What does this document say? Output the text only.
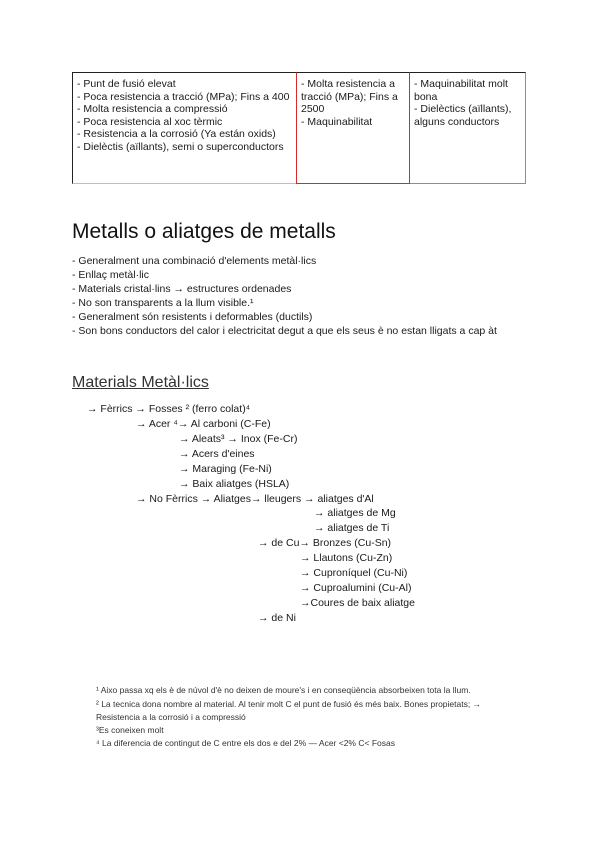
- Punt de fusió elevat
- Poca resistencia a tracció (MPa); Fins a 400
- Molta resistencia a compressió
- Poca resistencia al xoc tèrmic
- Resistencia a la corrosió (Ya están oxids)
- Dielèctis (aïllants), semi o superconductors
- Molta resistencia a tracció (MPa); Fins a 2500
- Maquinabilitat
- Maquinabilitat molt bona
- Dielèctics (aïllants), alguns conductors
Metalls o aliatges de metalls
- Generalment una combinació d'elements metàl·lics
- Enllaç metàl·lic
- Materials cristal·lins → estructures ordenades
- No son transparents a la llum visible.¹
- Generalment són resistents i deformables (ductils)
- Son bons conductors del calor i electricitat degut a que els seus è no estan lligats a cap àt
Materials Metàl·lics
→ Fèrrics → Fosses ² (ferro colat)⁴
→ Acer ⁴→ Al carboni (C-Fe)
→ Aleats³ → Inox (Fe-Cr)
→ Acers d'eines
→ Maraging (Fe-Ni)
→ Baix aliatges (HSLA)
→ No Fèrrics → Aliatges→ lleugers → aliatges d'Al
→ aliatges de Mg
→ aliatges de Ti
→ de Cu→ Bronzes (Cu-Sn)
→ Llautons (Cu-Zn)
→ Cuproníquel (Cu-Ni)
→ Cuproalumini (Cu-Al)
→Coures de baix aliatge
→ de Ni
¹ Aixo passa xq els è de núvol d'è no deixen de moure's i en conseqüència absorbeixen tota la llum.
² La tecnica dona nombre al material. Al tenir molt C el punt de fusió és més baix. Bones propietats; →
Resistencia a la corrosió i a compressió
³Es coneixen molt
⁴ La diferencia de contingut de C entre els dos e del 2% — Acer <2% C< Fosas
